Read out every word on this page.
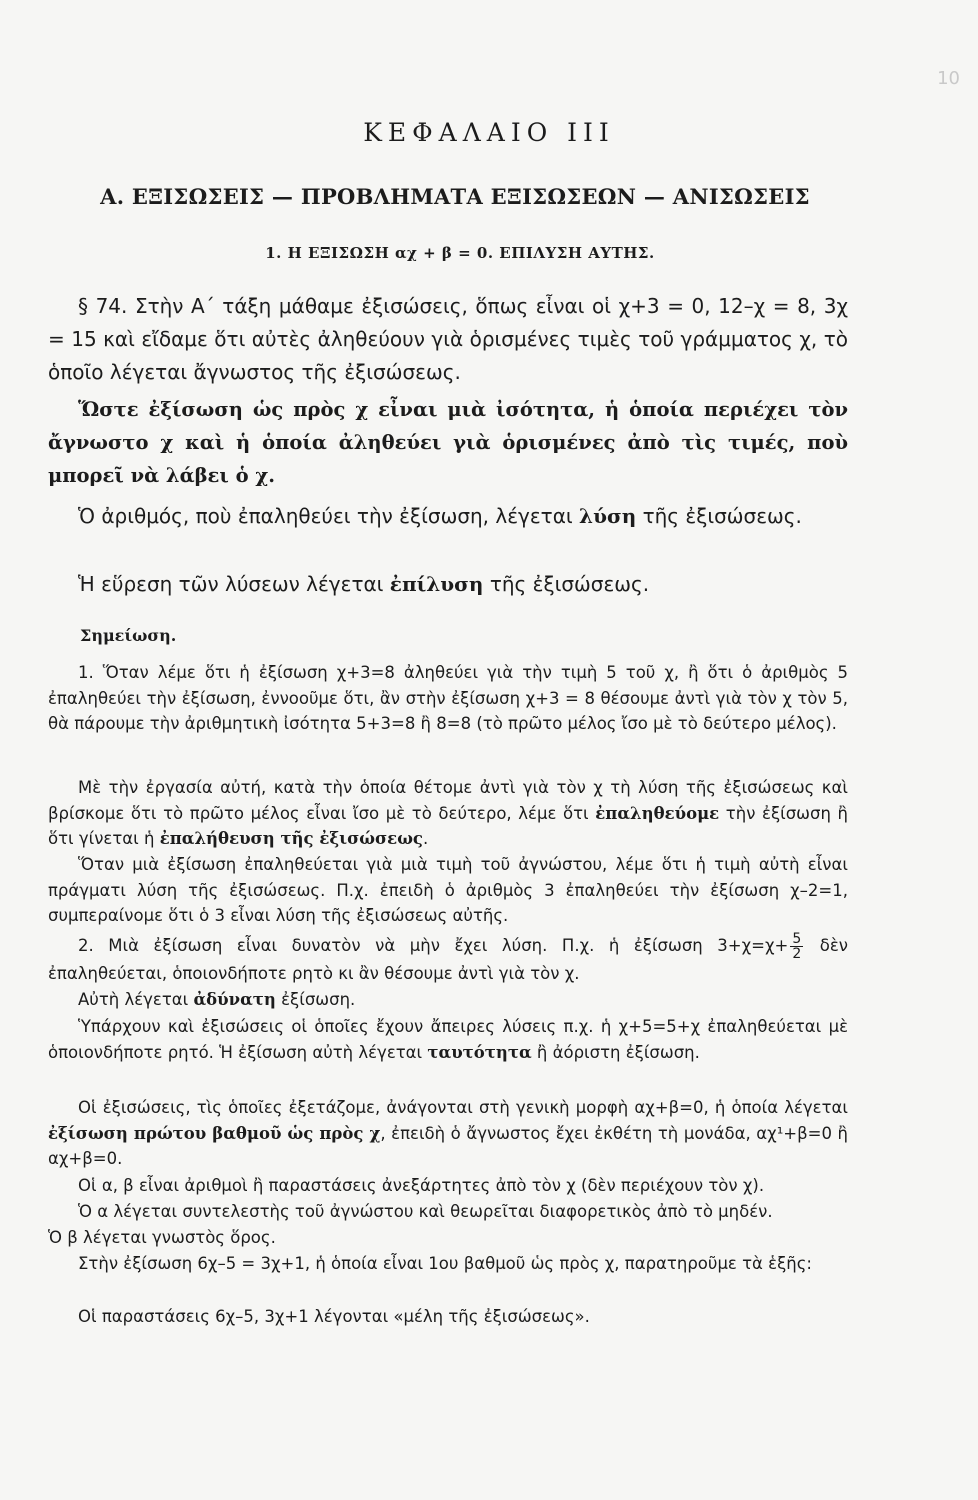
10
ΚΕΦΑΛΑΙΟ ΙΙΙ
Α. ΕΞΙΣΩΣΕΙΣ — ΠΡΟΒΛΗΜΑΤΑ ΕΞΙΣΩΣΕΩΝ — ΑΝΙΣΩΣΕΙΣ
1. Η ΕΞΙΣΩΣΗ αχ + β = 0. ΕΠΙΛΥΣΗ ΑΥΤΗΣ.

§ 74. Στὴν Α΄ τάξη μάθαμε ἐξισώσεις, ὅπως εἶναι οἱ χ+3 = 0, 12–χ = 8, 3χ = 15 καὶ εἴδαμε ὅτι αὐτὲς ἀληθεύουν γιὰ ὁρισμένες τιμὲς τοῦ γράμματος χ, τὸ ὁποῖο λέγεται ἄγνωστος τῆς ἐξισώσεως.

Ὥστε ἐξίσωση ὡς πρὸς χ εἶναι μιὰ ἰσότητα, ἡ ὁποία περιέχει τὸν ἄγνωστο χ καὶ ἡ ὁποία ἀληθεύει γιὰ ὁρισμένες ἀπὸ τὶς τιμές, ποὺ μπορεῖ νὰ λάβει ὁ χ.

Ὁ ἀριθμός, ποὺ ἐπαληθεύει τὴν ἐξίσωση, λέγεται λύση τῆς ἐξισώσεως.

Ἡ εὕρεση τῶν λύσεων λέγεται ἐπίλυση τῆς ἐξισώσεως.

Σημείωση.

1. Ὅταν λέμε ὅτι ἡ ἐξίσωση χ+3=8 ἀληθεύει γιὰ τὴν τιμὴ 5 τοῦ χ, ἢ ὅτι ὁ ἀριθμὸς 5 ἐπαληθεύει τὴν ἐξίσωση, ἐννοοῦμε ὅτι, ἂν στὴν ἐξίσωση χ+3 = 8 θέσουμε ἀντὶ γιὰ τὸν χ τὸν 5, θὰ πάρουμε τὴν ἀριθμητικὴ ἰσότητα 5+3=8 ἢ 8=8 (τὸ πρῶτο μέλος ἴσο μὲ τὸ δεύτερο μέλος).

Μὲ τὴν ἐργασία αὐτή, κατὰ τὴν ὁποία θέτομε ἀντὶ γιὰ τὸν χ τὴ λύση τῆς ἐξισώσεως καὶ βρίσκομε ὅτι τὸ πρῶτο μέλος εἶναι ἴσο μὲ τὸ δεύτερο, λέμε ὅτι ἐπαληθεύομε τὴν ἐξίσωση ἢ ὅτι γίνεται ἡ ἐπαλήθευση τῆς ἐξισώσεως.

Ὅταν μιὰ ἐξίσωση ἐπαληθεύεται γιὰ μιὰ τιμὴ τοῦ ἀγνώστου, λέμε ὅτι ἡ τιμὴ αὐτὴ εἶναι πράγματι λύση τῆς ἐξισώσεως. Π.χ. ἐπειδὴ ὁ ἀριθμὸς 3 ἐπαληθεύει τὴν ἐξίσωση χ–2=1, συμπεραίνομε ὅτι ὁ 3 εἶναι λύση τῆς ἐξισώσεως αὐτῆς.

2. Μιὰ ἐξίσωση εἶναι δυνατὸν νὰ μὴν ἔχει λύση. Π.χ. ἡ ἐξίσωση $3+\chi=\chi+ \frac{5}{2}$ δὲν ἐπαληθεύεται, ὁποιονδήποτε ρητὸ κι ἂν θέσουμε ἀντὶ γιὰ τὸν χ.

Αὐτὴ λέγεται ἀδύνατη ἐξίσωση.

Ὑπάρχουν καὶ ἐξισώσεις οἱ ὁποῖες ἔχουν ἄπειρες λύσεις π.χ. ἡ χ+5=5+χ ἐπαληθεύεται μὲ ὁποιονδήποτε ρητό. Ἡ ἐξίσωση αὐτὴ λέγεται ταυτότητα ἢ ἀόριστη ἐξίσωση.

Οἱ ἐξισώσεις, τὶς ὁποῖες ἐξετάζομε, ἀνάγονται στὴ γενικὴ μορφὴ αχ+β=0, ἡ ὁποία λέγεται ἐξίσωση πρώτου βαθμοῦ ὡς πρὸς χ, ἐπειδὴ ὁ ἄγνωστος ἔχει ἐκθέτη τὴ μονάδα, αχ¹+β=0 ἢ αχ+β=0.

Οἱ α, β εἶναι ἀριθμοὶ ἢ παραστάσεις ἀνεξάρτητες ἀπὸ τὸν χ (δὲν περιέχουν τὸν χ).

Ὁ α λέγεται συντελεστὴς τοῦ ἀγνώστου καὶ θεωρεῖται διαφορετικὸς ἀπὸ τὸ μηδέν.

Ὁ β λέγεται γνωστὸς ὅρος.

Στὴν ἐξίσωση 6χ–5 = 3χ+1, ἡ ὁποία εἶναι 1ου βαθμοῦ ὡς πρὸς χ, παρατηροῦμε τὰ ἑξῆς:

Οἱ παραστάσεις 6χ–5, 3χ+1 λέγονται «μέλη τῆς ἐξισώσεως».
